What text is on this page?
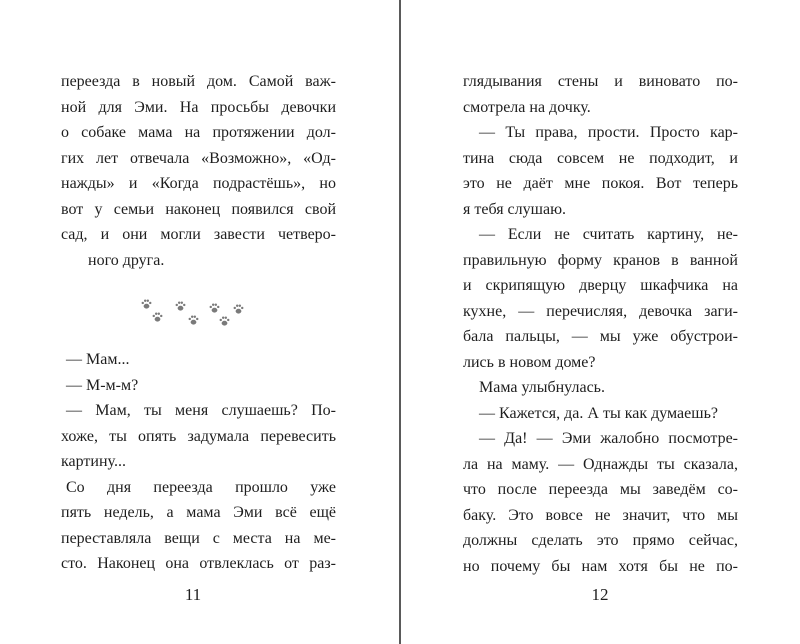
переезда в новый дом. Самой важ-
ной для Эми. На просьбы девочки
о собаке мама на протяжении дол-
гих лет отвечала «Возможно», «Од-
нажды» и «Когда подрастёшь», но
вот у семьи наконец появился свой
сад, и они могли завести четверо-
ного друга.
— Мам...
— М-м-м?
— Мам, ты меня слушаешь? По-
хоже, ты опять задумала перевесить
картину...
Со дня переезда прошло уже
пять недель, а мама Эми всё ещё
переставляла вещи с места на ме-
сто. Наконец она отвлеклась от раз-
глядывания стены и виновато по-
смотрела на дочку.
— Ты права, прости. Просто кар-
тина сюда совсем не подходит, и
это не даёт мне покоя. Вот теперь
я тебя слушаю.
— Если не считать картину, не-
правильную форму кранов в ванной
и скрипящую дверцу шкафчика на
кухне, — перечисляя, девочка заги-
бала пальцы, — мы уже обустрои-
лись в новом доме?
Мама улыбнулась.
— Кажется, да. А ты как думаешь?
— Да! — Эми жалобно посмотре-
ла на маму. — Однажды ты сказала,
что после переезда мы заведём со-
баку. Это вовсе не значит, что мы
должны сделать это прямо сейчас,
но почему бы нам хотя бы не по-
11	12
